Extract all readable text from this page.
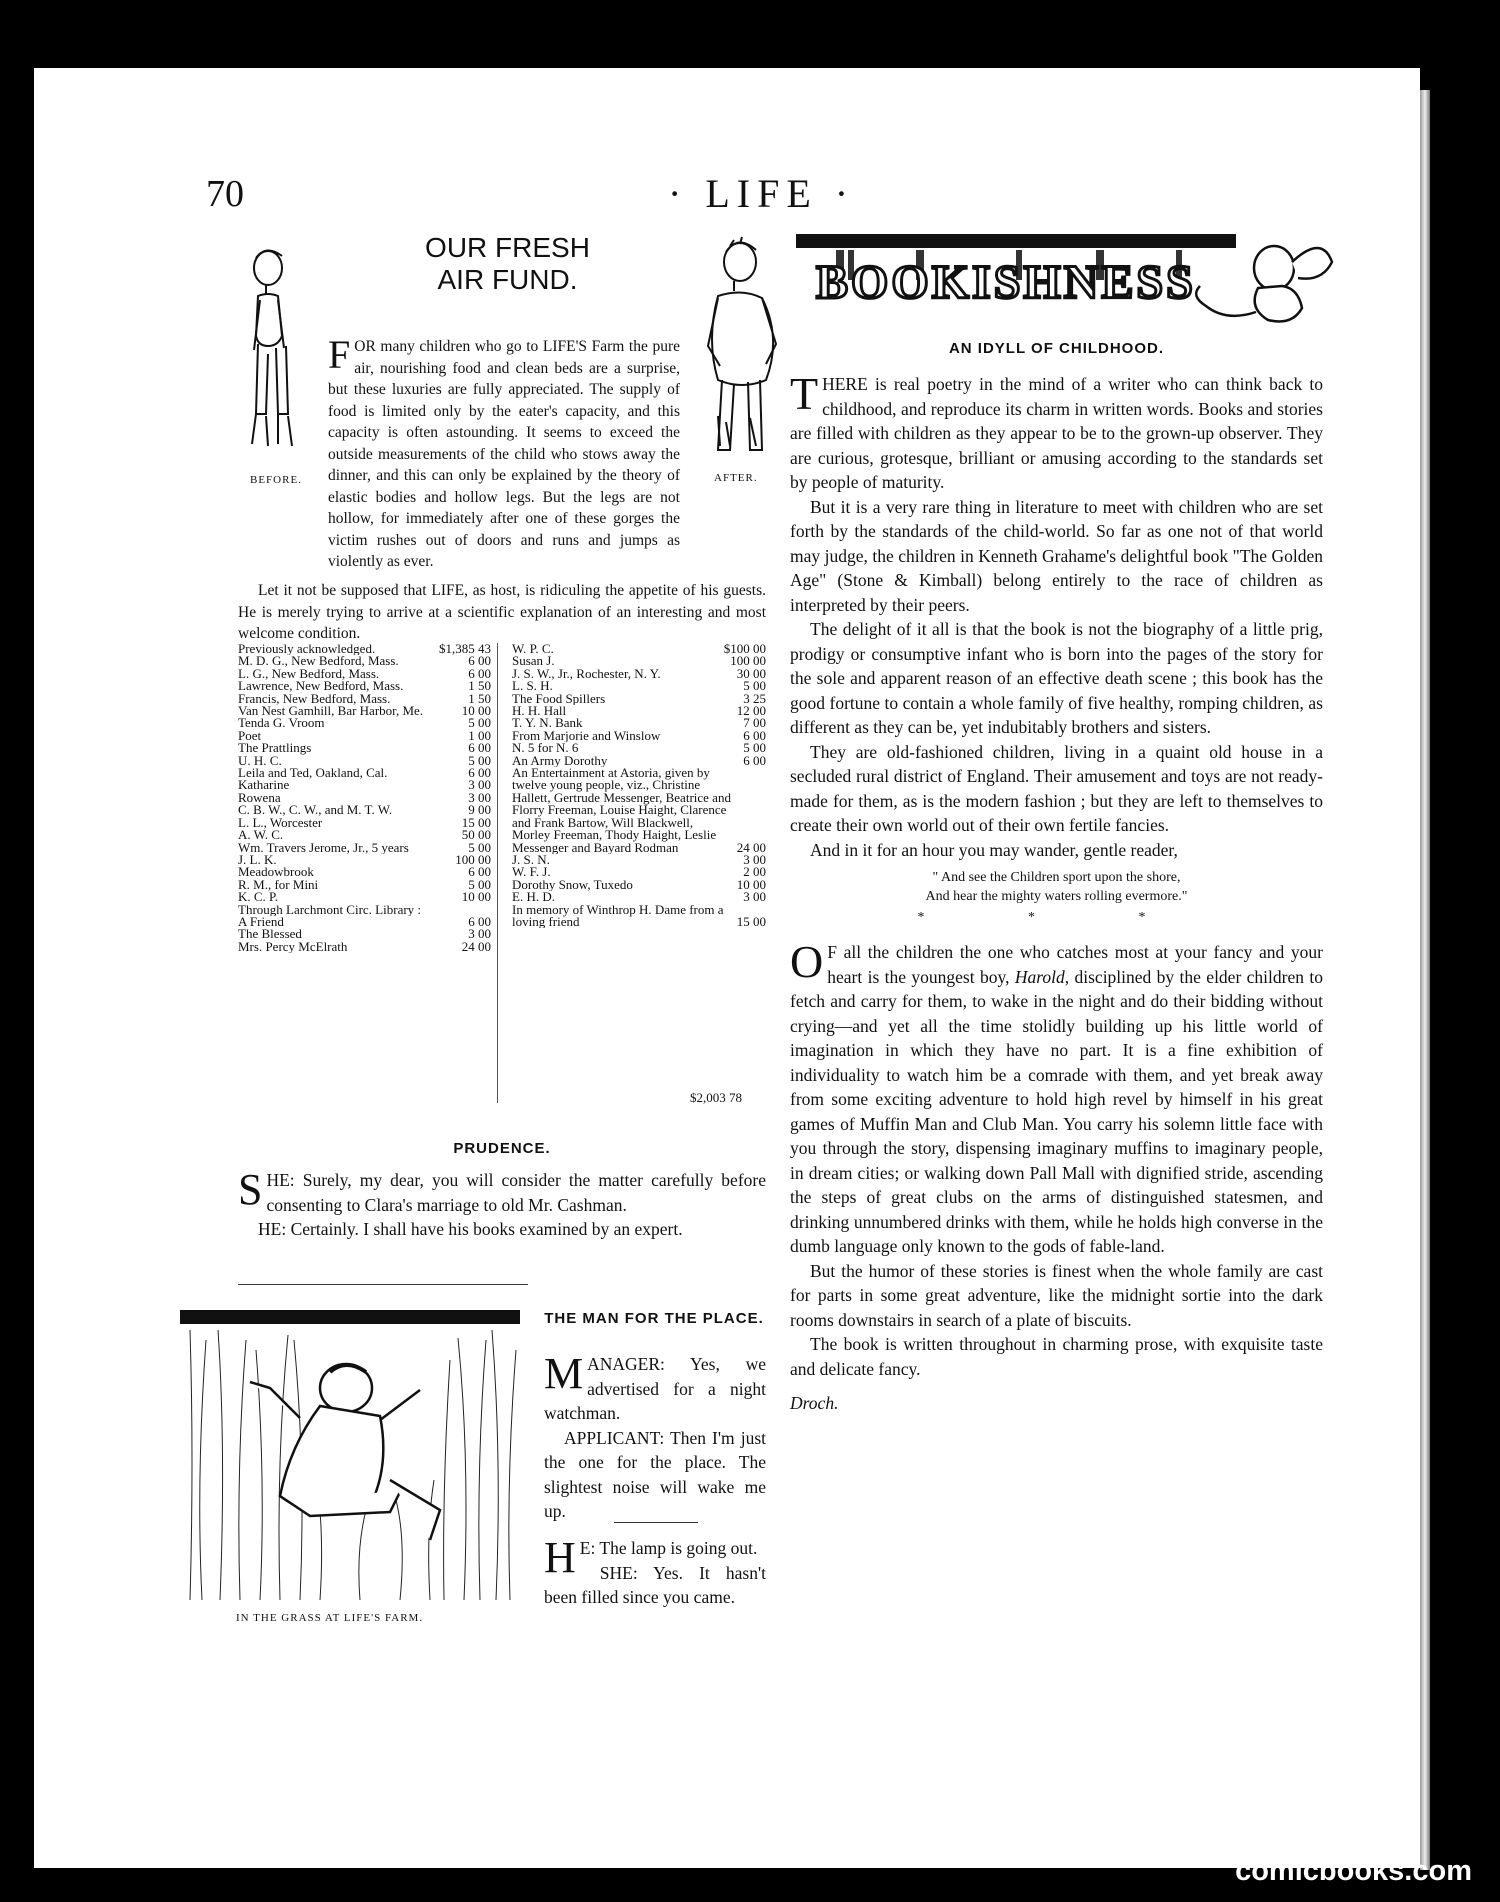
70	· LIFE ·
OUR FRESH AIR FUND.
BEFORE.	AFTER.

FOR many children who go to LIFE'S Farm the pure air, nourishing food and clean beds are a surprise, but these luxuries are fully appreciated. The supply of food is limited only by the eater's capacity, and this capacity is often astounding. It seems to exceed the outside measurements of the child who stows away the dinner, and this can only be explained by the theory of elastic bodies and hollow legs. But the legs are not hollow, for immediately after one of these gorges the victim rushes out of doors and runs and jumps as violently as ever.

Let it not be supposed that LIFE, as host, is ridiculing the appetite of his guests. He is merely trying to arrive at a scientific explanation of an interesting and most welcome condition.

Previously acknowledged.	$1,385 43
M. D. G., New Bedford, Mass.	6 00
L. G., New Bedford, Mass.	6 00
Lawrence, New Bedford, Mass.	1 50
Francis, New Bedford, Mass.	1 50
Van Nest Gamhill, Bar Harbor, Me.	10 00
Tenda G. Vroom	5 00
Poet	1 00
The Prattlings	6 00
U. H. C.	5 00
Leila and Ted, Oakland, Cal.	6 00
Katharine	3 00
Rowena	3 00
C. B. W., C. W., and M. T. W.	9 00
L. L., Worcester	15 00
A. W. C.	50 00
Wm. Travers Jerome, Jr., 5 years	5 00
J. L. K.	100 00
Meadowbrook	6 00
R. M., for Mini	5 00
K. C. P.	10 00
Through Larchmont Circ. Library :
A Friend	6 00
The Blessed	3 00
Mrs. Percy McElrath	24 00
W. P. C.	$100 00
Susan J.	100 00
J. S. W., Jr., Rochester, N. Y.	30 00
L. S. H.	5 00
The Food Spillers	3 25
H. H. Hall	12 00
T. Y. N. Bank	7 00
From Marjorie and Winslow	6 00
N. 5 for N. 6	5 00
An Army Dorothy	6 00
An Entertainment at Astoria, given by twelve young people, viz., Christine Hallett, Gertrude Messenger, Beatrice and Florry Freeman, Louise Haight, Clarence and Frank Bartow, Will Blackwell, Morley Freeman, Thody Haight, Leslie Messenger and Bayard Rodman	24 00
J. S. N.	3 00
W. F. J.	2 00
Dorothy Snow, Tuxedo	10 00
E. H. D.	3 00
In memory of Winthrop H. Dame from a loving friend	15 00
$2,003 78
PRUDENCE.

SHE: Surely, my dear, you will consider the matter carefully before consenting to Clara's marriage to old Mr. Cashman.

HE: Certainly. I shall have his books examined by an expert.

IN THE GRASS AT LIFE'S FARM.
THE MAN FOR THE PLACE.

MANAGER: Yes, we advertised for a night watchman.

APPLICANT: Then I'm just the one for the place. The slightest noise will wake me up.

H E: The lamp is going out.

SHE: Yes. It hasn't been filled since you came.

BOOKISHNESS
AN IDYLL OF CHILDHOOD.

THERE is real poetry in the mind of a writer who can think back to childhood, and reproduce its charm in written words. Books and stories are filled with children as they appear to be to the grown-up observer. They are curious, grotesque, brilliant or amusing according to the standards set by people of maturity.

But it is a very rare thing in literature to meet with children who are set forth by the standards of the child-world. So far as one not of that world may judge, the children in Kenneth Grahame's delightful book "The Golden Age" (Stone & Kimball) belong entirely to the race of children as interpreted by their peers.

The delight of it all is that the book is not the biography of a little prig, prodigy or consumptive infant who is born into the pages of the story for the sole and apparent reason of an effective death scene ; this book has the good fortune to contain a whole family of five healthy, romping children, as different as they can be, yet indubitably brothers and sisters.

They are old-fashioned children, living in a quaint old house in a secluded rural district of England. Their amusement and toys are not ready-made for them, as is the modern fashion ; but they are left to themselves to create their own world out of their own fertile fancies.

And in it for an hour you may wander, gentle reader,

" And see the Children sport upon the shore,
And hear the mighty waters rolling evermore."
* * *

O F all the children the one who catches most at your fancy and your heart is the youngest boy, Harold, disciplined by the elder children to fetch and carry for them, to wake in the night and do their bidding without crying—and yet all the time stolidly building up his little world of imagination in which they have no part. It is a fine exhibition of individuality to watch him be a comrade with them, and yet break away from some exciting adventure to hold high revel by himself in his great games of Muffin Man and Club Man. You carry his solemn little face with you through the story, dispensing imaginary muffins to imaginary people, in dream cities; or walking down Pall Mall with dignified stride, ascending the steps of great clubs on the arms of distinguished statesmen, and drinking unnumbered drinks with them, while he holds high converse in the dumb language only known to the gods of fable-land.

But the humor of these stories is finest when the whole family are cast for parts in some great adventure, like the midnight sortie into the dark rooms downstairs in search of a plate of biscuits.

The book is written throughout in charming prose, with exquisite taste and delicate fancy.

Droch.

comicbooks.com
